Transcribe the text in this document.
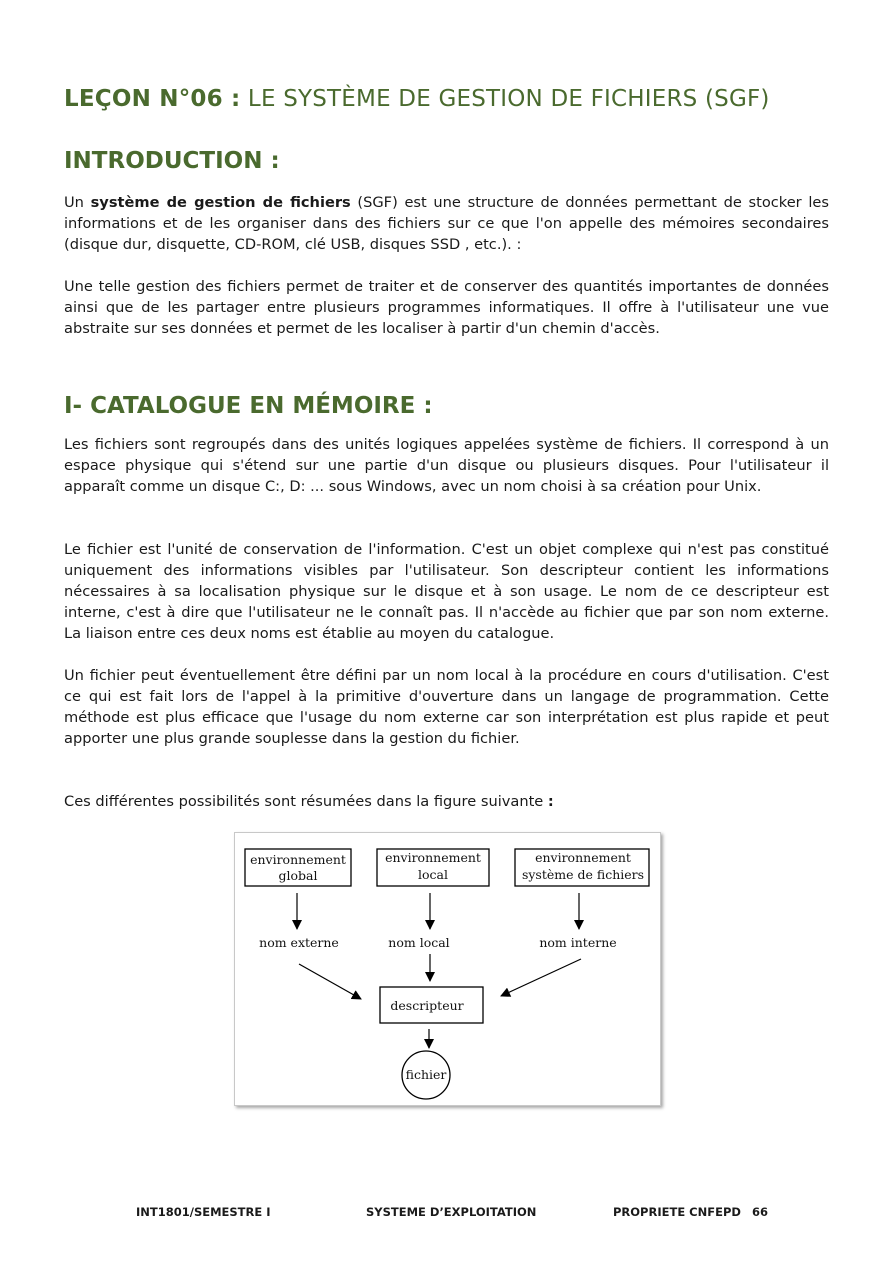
LEÇON N°06 : LE SYSTÈME DE GESTION DE FICHIERS (SGF)
INTRODUCTION :

Un système de gestion de fichiers (SGF) est une structure de données permettant de stocker les informations et de les organiser dans des fichiers sur ce que l'on appelle des mémoires secondaires (disque dur, disquette, CD-ROM, clé USB, disques SSD , etc.). :

Une telle gestion des fichiers permet de traiter et de conserver des quantités importantes de données ainsi que de les partager entre plusieurs programmes informatiques. Il offre à l'utilisateur une vue abstraite sur ses données et permet de les localiser à partir d'un chemin d'accès.

I- CATALOGUE EN MÉMOIRE :

Les fichiers sont regroupés dans des unités logiques appelées système de fichiers. Il correspond à un espace physique qui s'étend sur une partie d'un disque ou plusieurs disques. Pour l'utilisateur il apparaît comme un disque C:, D: ... sous Windows, avec un nom choisi à sa création pour Unix.

Le fichier est l'unité de conservation de l'information. C'est un objet complexe qui n'est pas constitué uniquement des informations visibles par l'utilisateur. Son descripteur contient les informations nécessaires à sa localisation physique sur le disque et à son usage. Le nom de ce descripteur est interne, c'est à dire que l'utilisateur ne le connaît pas. Il n'accède au fichier que par son nom externe. La liaison entre ces deux noms est établie au moyen du catalogue.

Un fichier peut éventuellement être défini par un nom local à la procédure en cours d'utilisation. C'est ce qui est fait lors de l'appel à la primitive d'ouverture dans un langage de programmation. Cette méthode est plus efficace que l'usage du nom externe car son interprétation est plus rapide et peut apporter une plus grande souplesse dans la gestion du fichier.

Ces différentes possibilités sont résumées dans la figure suivante :

environnement
global
environnement
local
environnement
système de fichiers
nom externe	nom local	nom interne
descripteur
fichier
INT1801/SEMESTRE I	SYSTEME D’EXPLOITATION	PROPRIETE CNFEPD 66
